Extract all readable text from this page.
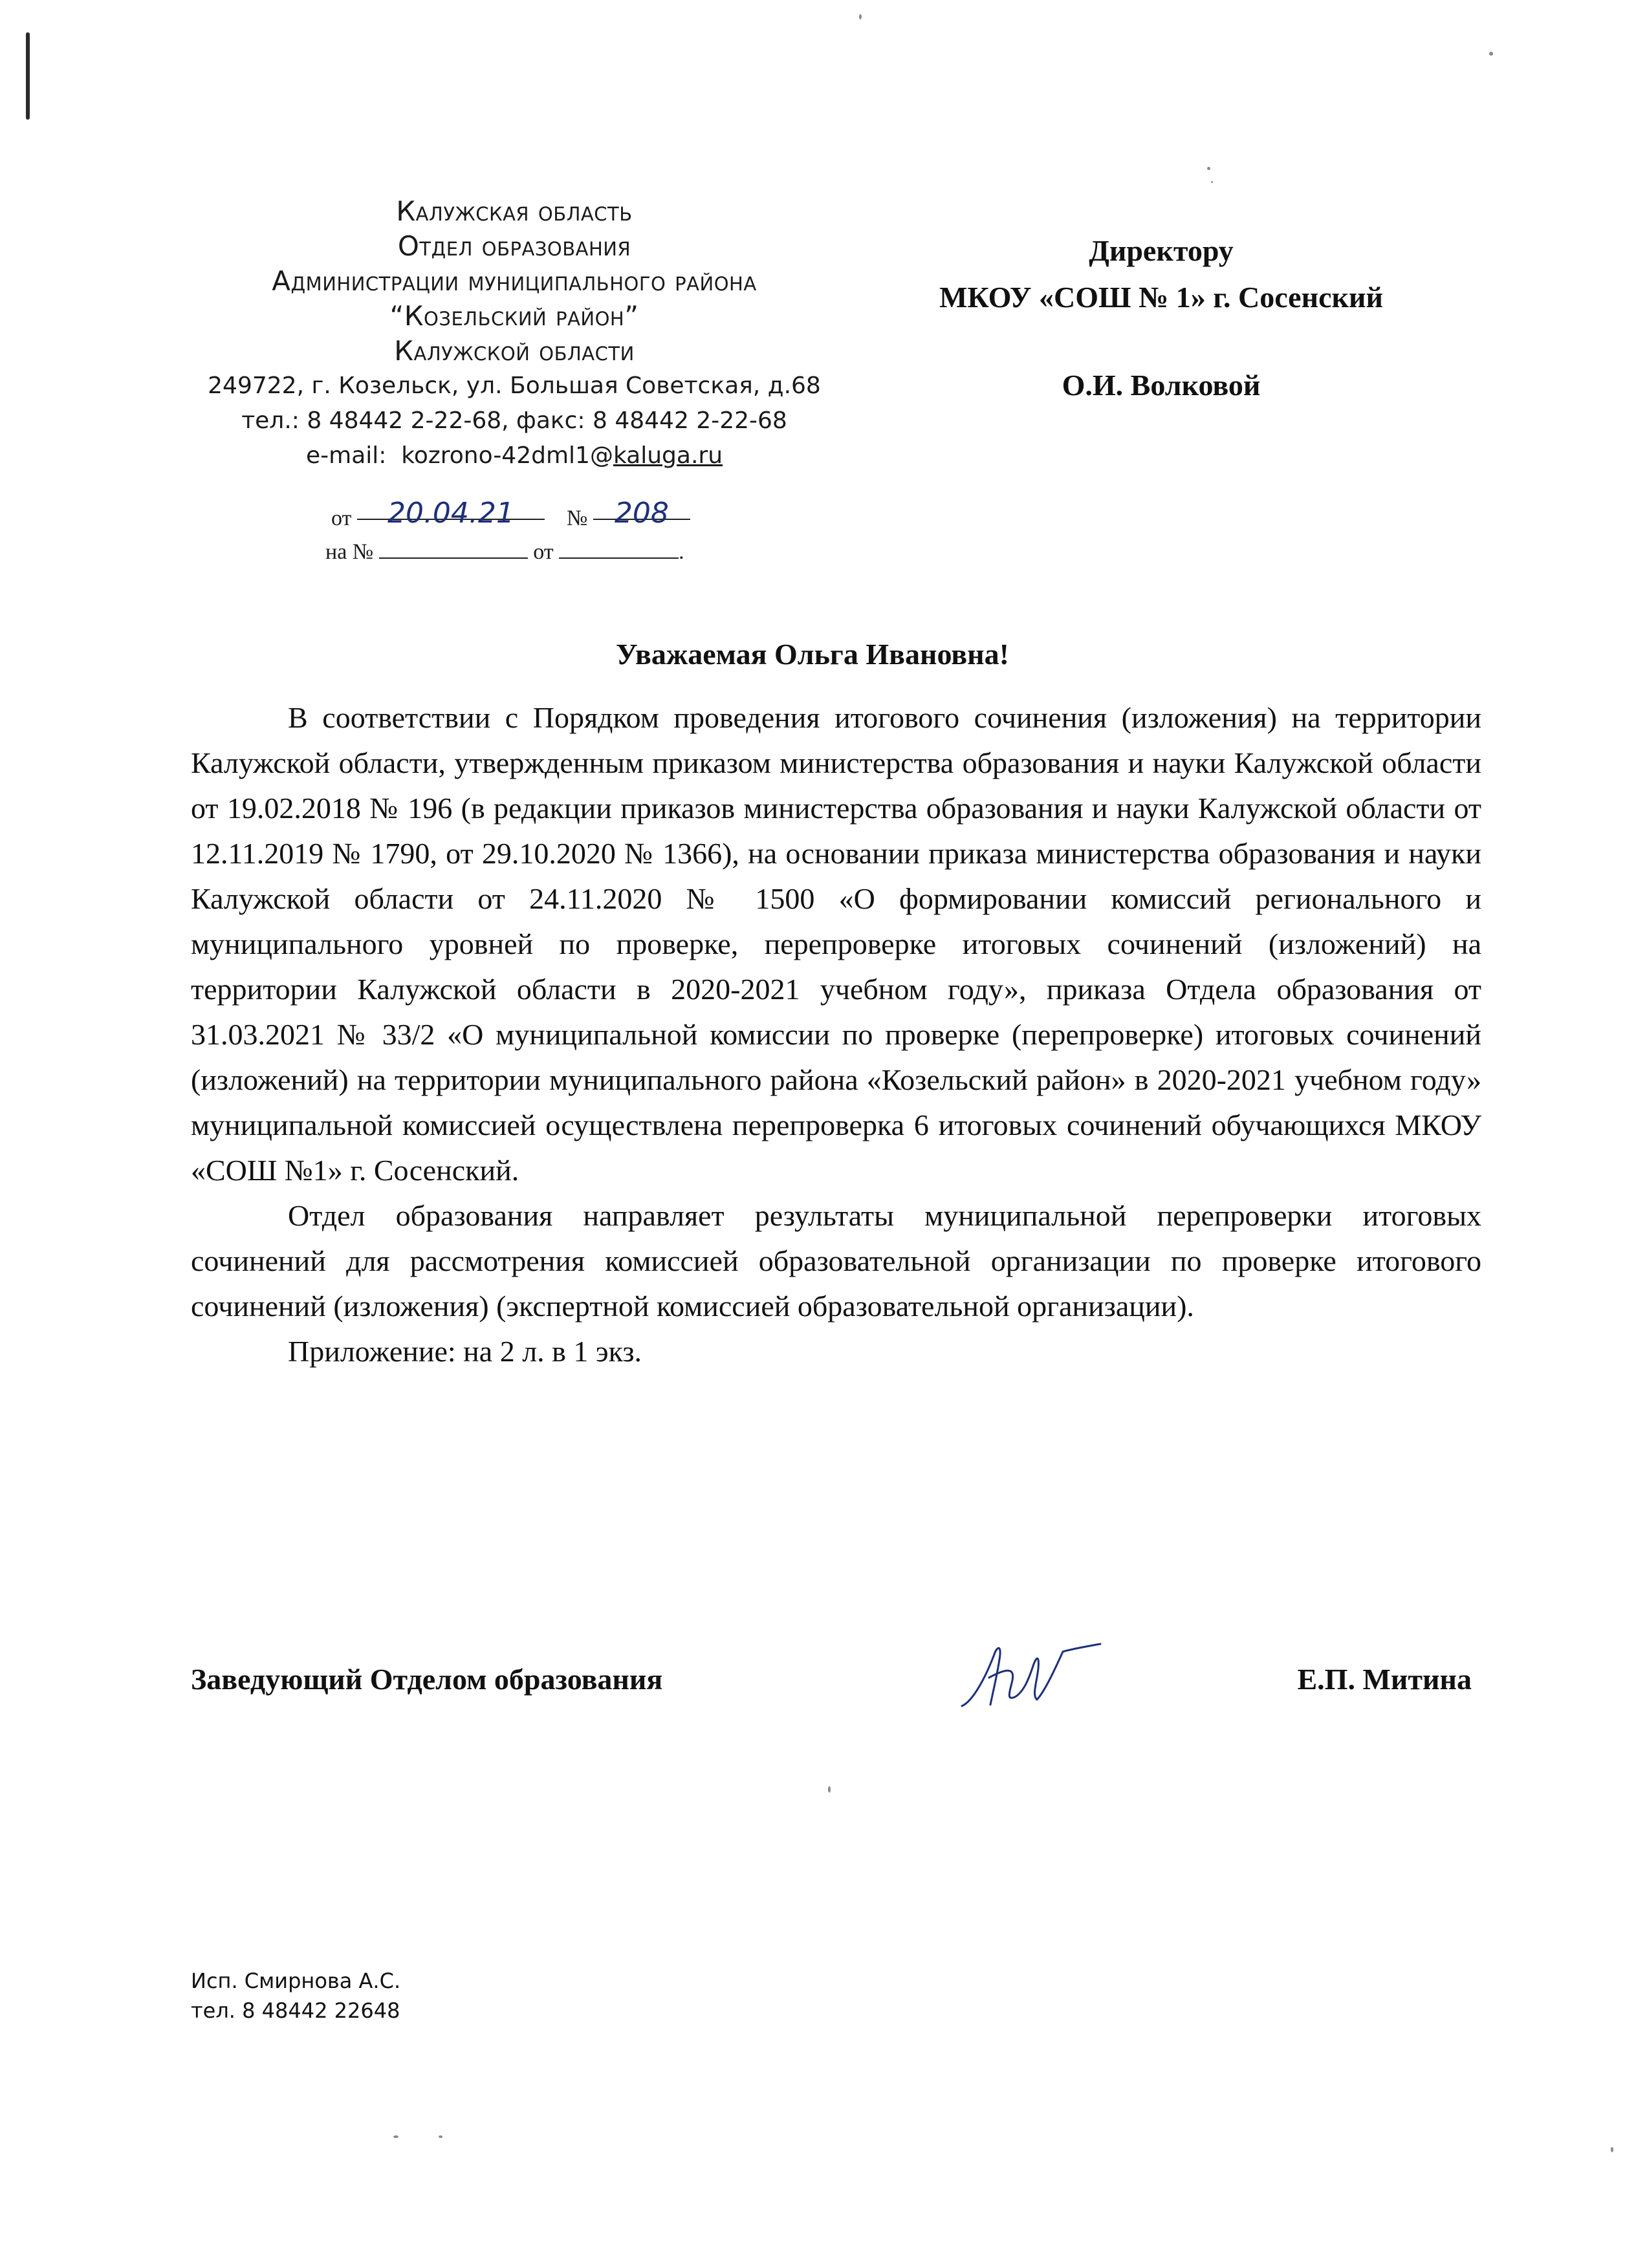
Калужская область
Отдел образования
Администрации муниципального района
“Козельский район”
Калужской области
249722, г. Козельск, ул. Большая Советская, д.68
тел.: 8 48442 2-22-68, факс: 8 48442 2-22-68
e-mail: kozrono-42dml1@kaluga.ru
от 20.04.21 № 208
на №	от	.
Директору
МКОУ «СОШ № 1» г. Сосенский
О.И. Волковой
Уважаемая Ольга Ивановна!

В соответствии с Порядком проведения итогового сочинения (изложения) на территории Калужской области, утвержденным приказом министерства образования и науки Калужской области от 19.02.2018 № 196 (в редакции приказов министерства образования и науки Калужской области от 12.11.2019 № 1790, от 29.10.2020 № 1366), на основании приказа министерства образования и науки Калужской области от 24.11.2020 № 1500 «О формировании комиссий регионального и муниципального уровней по проверке, перепроверке итоговых сочинений (изложений) на территории Калужской области в 2020-2021 учебном году», приказа Отдела образования от 31.03.2021 № 33/2 «О муниципальной комиссии по проверке (перепроверке) итоговых сочинений (изложений) на территории муниципального района «Козельский район» в 2020-2021 учебном году» муниципальной комиссией осуществлена перепроверка 6 итоговых сочинений обучающихся МКОУ «СОШ №1» г. Сосенский.

Отдел образования направляет результаты муниципальной перепроверки итоговых сочинений для рассмотрения комиссией образовательной организации по проверке итогового сочинений (изложения) (экспертной комиссией образовательной организации).

Приложение: на 2 л. в 1 экз.

Заведующий Отделом образования	Е.П. Митина
Исп. Смирнова А.С.
тел. 8 48442 22648
